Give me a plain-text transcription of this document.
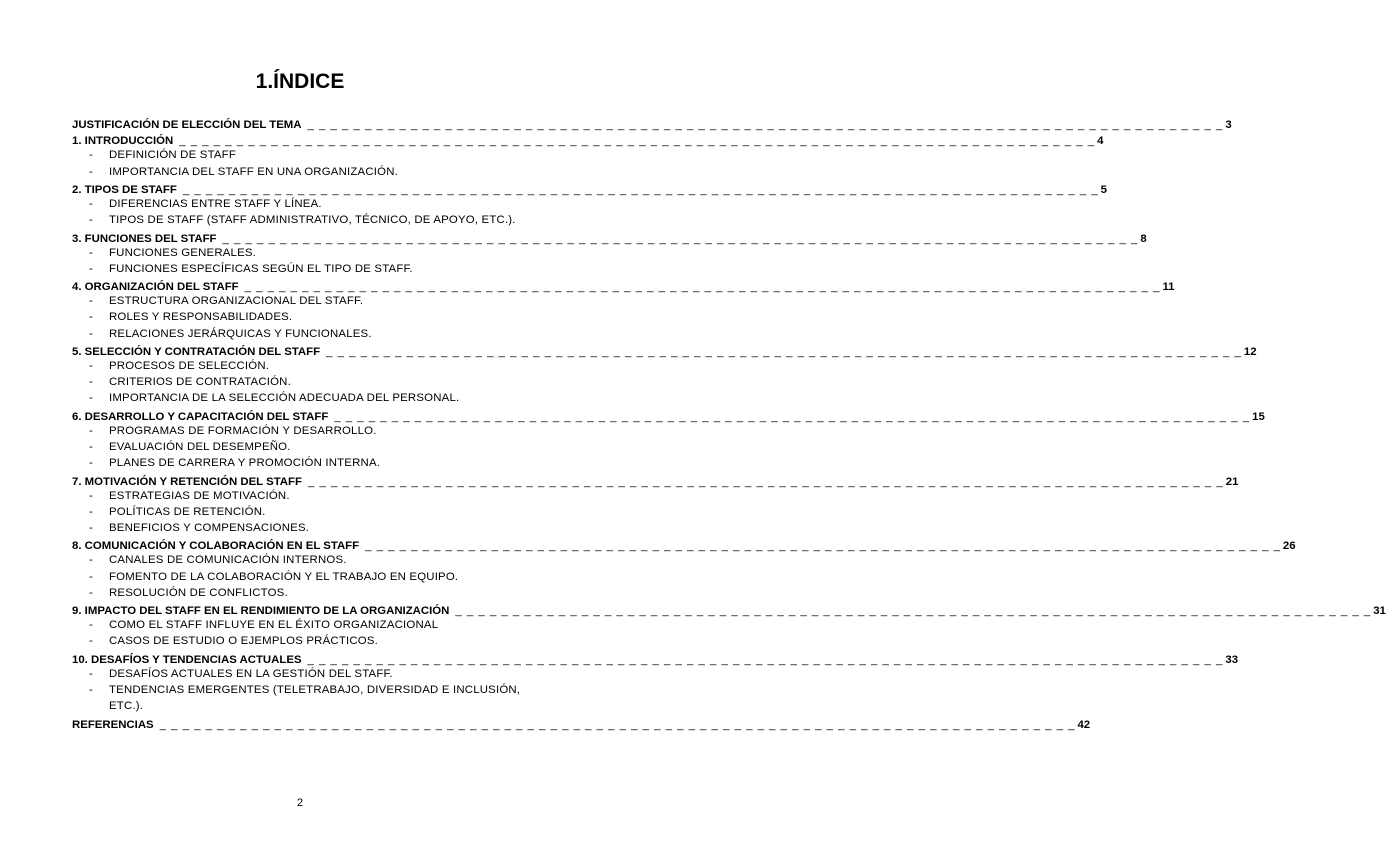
1.ÍNDICE
JUSTIFICACIÓN DE ELECCIÓN DEL TEMA _ _ _ _ _ _ _ _ _ _ _ _ _ _ _ _ _ _ _ _ _ _ _ _ _ _ _ _ _ _ _ _ _ _ _ _ _ _ _ _ _ _ _ _ _ _ _ _ _ _ _ _ _ _ _ _ _ _ _ _ _ _ _ _ _ _ _ _ _ _ _ _ _ _ _ _ _ _ _ _ 3
1. INTRODUCCIÓN _ _ _ _ _ _ _ _ _ _ _ _ _ _ _ _ _ _ _ _ _ _ _ _ _ _ _ _ _ _ _ _ _ _ _ _ _ _ _ _ _ _ _ _ _ _ _ _ _ _ _ _ _ _ _ _ _ _ _ _ _ _ _ _ _ _ _ _ _ _ _ _ _ _ _ _ _ _ _ _ 4
-	DEFINICIÓN DE STAFF
-	IMPORTANCIA DEL STAFF EN UNA ORGANIZACIÓN.
2. TIPOS DE STAFF _ _ _ _ _ _ _ _ _ _ _ _ _ _ _ _ _ _ _ _ _ _ _ _ _ _ _ _ _ _ _ _ _ _ _ _ _ _ _ _ _ _ _ _ _ _ _ _ _ _ _ _ _ _ _ _ _ _ _ _ _ _ _ _ _ _ _ _ _ _ _ _ _ _ _ _ _ _ _ _ 5
-	DIFERENCIAS ENTRE STAFF Y LÍNEA.
-	TIPOS DE STAFF (STAFF ADMINISTRATIVO, TÉCNICO, DE APOYO, ETC.).
3. FUNCIONES DEL STAFF _ _ _ _ _ _ _ _ _ _ _ _ _ _ _ _ _ _ _ _ _ _ _ _ _ _ _ _ _ _ _ _ _ _ _ _ _ _ _ _ _ _ _ _ _ _ _ _ _ _ _ _ _ _ _ _ _ _ _ _ _ _ _ _ _ _ _ _ _ _ _ _ _ _ _ _ _ _ _ _ 8
-	FUNCIONES GENERALES.
-	FUNCIONES ESPECÍFICAS SEGÚN EL TIPO DE STAFF.
4. ORGANIZACIÓN DEL STAFF _ _ _ _ _ _ _ _ _ _ _ _ _ _ _ _ _ _ _ _ _ _ _ _ _ _ _ _ _ _ _ _ _ _ _ _ _ _ _ _ _ _ _ _ _ _ _ _ _ _ _ _ _ _ _ _ _ _ _ _ _ _ _ _ _ _ _ _ _ _ _ _ _ _ _ _ _ _ _ _ 11
-	ESTRUCTURA ORGANIZACIONAL DEL STAFF.
-	ROLES Y RESPONSABILIDADES.
-	RELACIONES JERÁRQUICAS Y FUNCIONALES.
5. SELECCIÓN Y CONTRATACIÓN DEL STAFF _ _ _ _ _ _ _ _ _ _ _ _ _ _ _ _ _ _ _ _ _ _ _ _ _ _ _ _ _ _ _ _ _ _ _ _ _ _ _ _ _ _ _ _ _ _ _ _ _ _ _ _ _ _ _ _ _ _ _ _ _ _ _ _ _ _ _ _ _ _ _ _ _ _ _ _ _ _ _ _ 12
-	PROCESOS DE SELECCIÓN.
-	CRITERIOS DE CONTRATACIÓN.
-	IMPORTANCIA DE LA SELECCIÓN ADECUADA DEL PERSONAL.
6. DESARROLLO Y CAPACITACIÓN DEL STAFF _ _ _ _ _ _ _ _ _ _ _ _ _ _ _ _ _ _ _ _ _ _ _ _ _ _ _ _ _ _ _ _ _ _ _ _ _ _ _ _ _ _ _ _ _ _ _ _ _ _ _ _ _ _ _ _ _ _ _ _ _ _ _ _ _ _ _ _ _ _ _ _ _ _ _ _ _ _ _ _ 15
-	PROGRAMAS DE FORMACIÓN Y DESARROLLO.
-	EVALUACIÓN DEL DESEMPEÑO.
-	PLANES DE CARRERA Y PROMOCIÓN INTERNA.
7. MOTIVACIÓN Y RETENCIÓN DEL STAFF _ _ _ _ _ _ _ _ _ _ _ _ _ _ _ _ _ _ _ _ _ _ _ _ _ _ _ _ _ _ _ _ _ _ _ _ _ _ _ _ _ _ _ _ _ _ _ _ _ _ _ _ _ _ _ _ _ _ _ _ _ _ _ _ _ _ _ _ _ _ _ _ _ _ _ _ _ _ _ _ 21
-	ESTRATEGIAS DE MOTIVACIÓN.
-	POLÍTICAS DE RETENCIÓN.
-	BENEFICIOS Y COMPENSACIONES.
8. COMUNICACIÓN Y COLABORACIÓN EN EL STAFF _ _ _ _ _ _ _ _ _ _ _ _ _ _ _ _ _ _ _ _ _ _ _ _ _ _ _ _ _ _ _ _ _ _ _ _ _ _ _ _ _ _ _ _ _ _ _ _ _ _ _ _ _ _ _ _ _ _ _ _ _ _ _ _ _ _ _ _ _ _ _ _ _ _ _ _ _ _ _ _ 26
-	CANALES DE COMUNICACIÓN INTERNOS.
-	FOMENTO DE LA COLABORACIÓN Y EL TRABAJO EN EQUIPO.
-	RESOLUCIÓN DE CONFLICTOS.
9. IMPACTO DEL STAFF EN EL RENDIMIENTO DE LA ORGANIZACIÓN _ _ _ _ _ _ _ _ _ _ _ _ _ _ _ _ _ _ _ _ _ _ _ _ _ _ _ _ _ _ _ _ _ _ _ _ _ _ _ _ _ _ _ _ _ _ _ _ _ _ _ _ _ _ _ _ _ _ _ _ _ _ _ _ _ _ _ _ _ _ _ _ _ _ _ _ _ _ _ _ 31
-	COMO EL STAFF INFLUYE EN EL ÉXITO ORGANIZACIONAL
-	CASOS DE ESTUDIO O EJEMPLOS PRÁCTICOS.
10. DESAFÍOS Y TENDENCIAS ACTUALES _ _ _ _ _ _ _ _ _ _ _ _ _ _ _ _ _ _ _ _ _ _ _ _ _ _ _ _ _ _ _ _ _ _ _ _ _ _ _ _ _ _ _ _ _ _ _ _ _ _ _ _ _ _ _ _ _ _ _ _ _ _ _ _ _ _ _ _ _ _ _ _ _ _ _ _ _ _ _ _ 33
-	DESAFÍOS ACTUALES EN LA GESTIÓN DEL STAFF.
-	TENDENCIAS EMERGENTES (TELETRABAJO, DIVERSIDAD E INCLUSIÓN, ETC.).
REFERENCIAS _ _ _ _ _ _ _ _ _ _ _ _ _ _ _ _ _ _ _ _ _ _ _ _ _ _ _ _ _ _ _ _ _ _ _ _ _ _ _ _ _ _ _ _ _ _ _ _ _ _ _ _ _ _ _ _ _ _ _ _ _ _ _ _ _ _ _ _ _ _ _ _ _ _ _ _ _ _ _ _ 42
2
